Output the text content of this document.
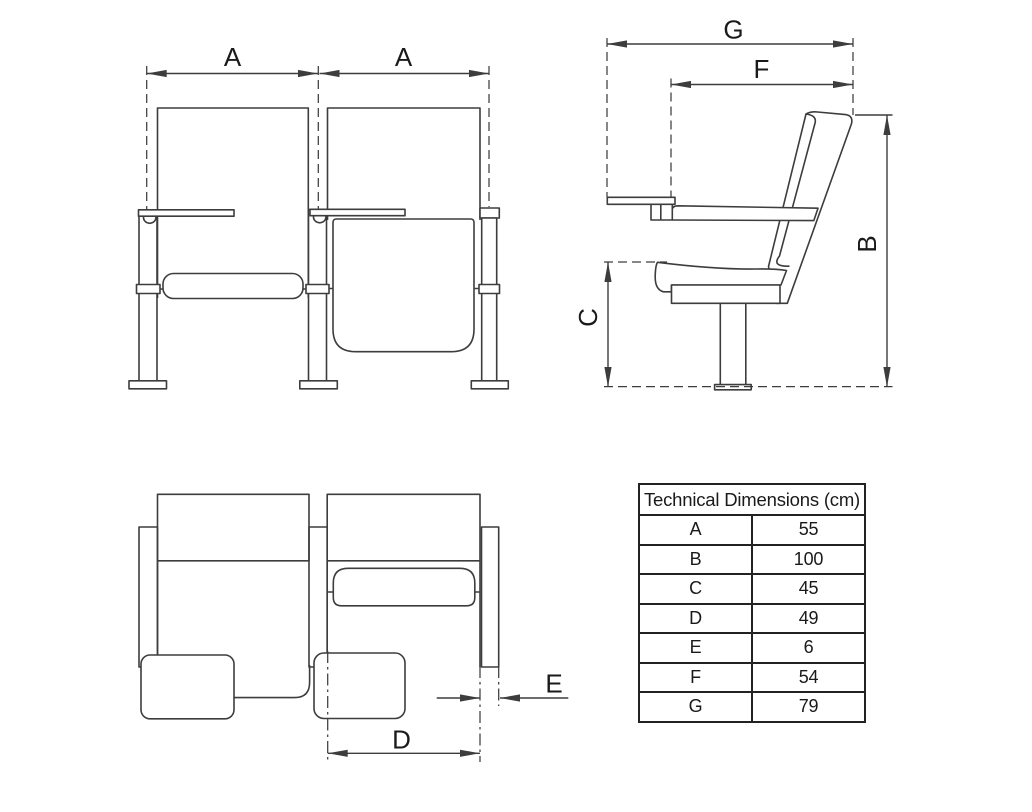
A	A
G
F
B
C
D
E
Technical Dimensions (cm)	
A	55
B	100
C	45
D	49
E	6
F	54
G	79
